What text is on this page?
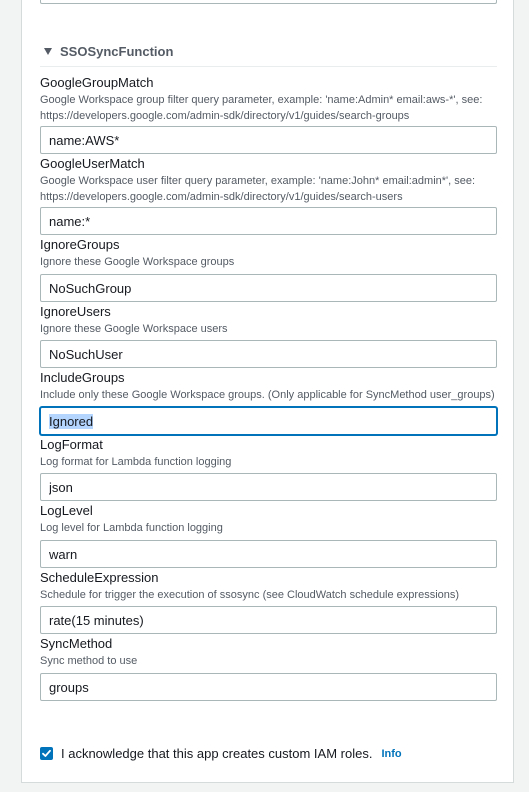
SSOSyncFunction

GoogleGroupMatch

Google Workspace group filter query parameter, example: 'name:Admin* email:aws-*', see: https://developers.google.com/admin-sdk/directory/v1/guides/search-groups

name:AWS*

GoogleUserMatch

Google Workspace user filter query parameter, example: 'name:John* email:admin*', see: https://developers.google.com/admin-sdk/directory/v1/guides/search-users

name:*

IgnoreGroups

Ignore these Google Workspace groups

NoSuchGroup

IgnoreUsers

Ignore these Google Workspace users

NoSuchUser

IncludeGroups

Include only these Google Workspace groups. (Only applicable for SyncMethod user_groups)

Ignored

LogFormat

Log format for Lambda function logging

json

LogLevel

Log level for Lambda function logging

warn

ScheduleExpression

Schedule for trigger the execution of ssosync (see CloudWatch schedule expressions)

rate(15 minutes)

SyncMethod

Sync method to use

groups
I acknowledge that this app creates custom IAM roles. Info
